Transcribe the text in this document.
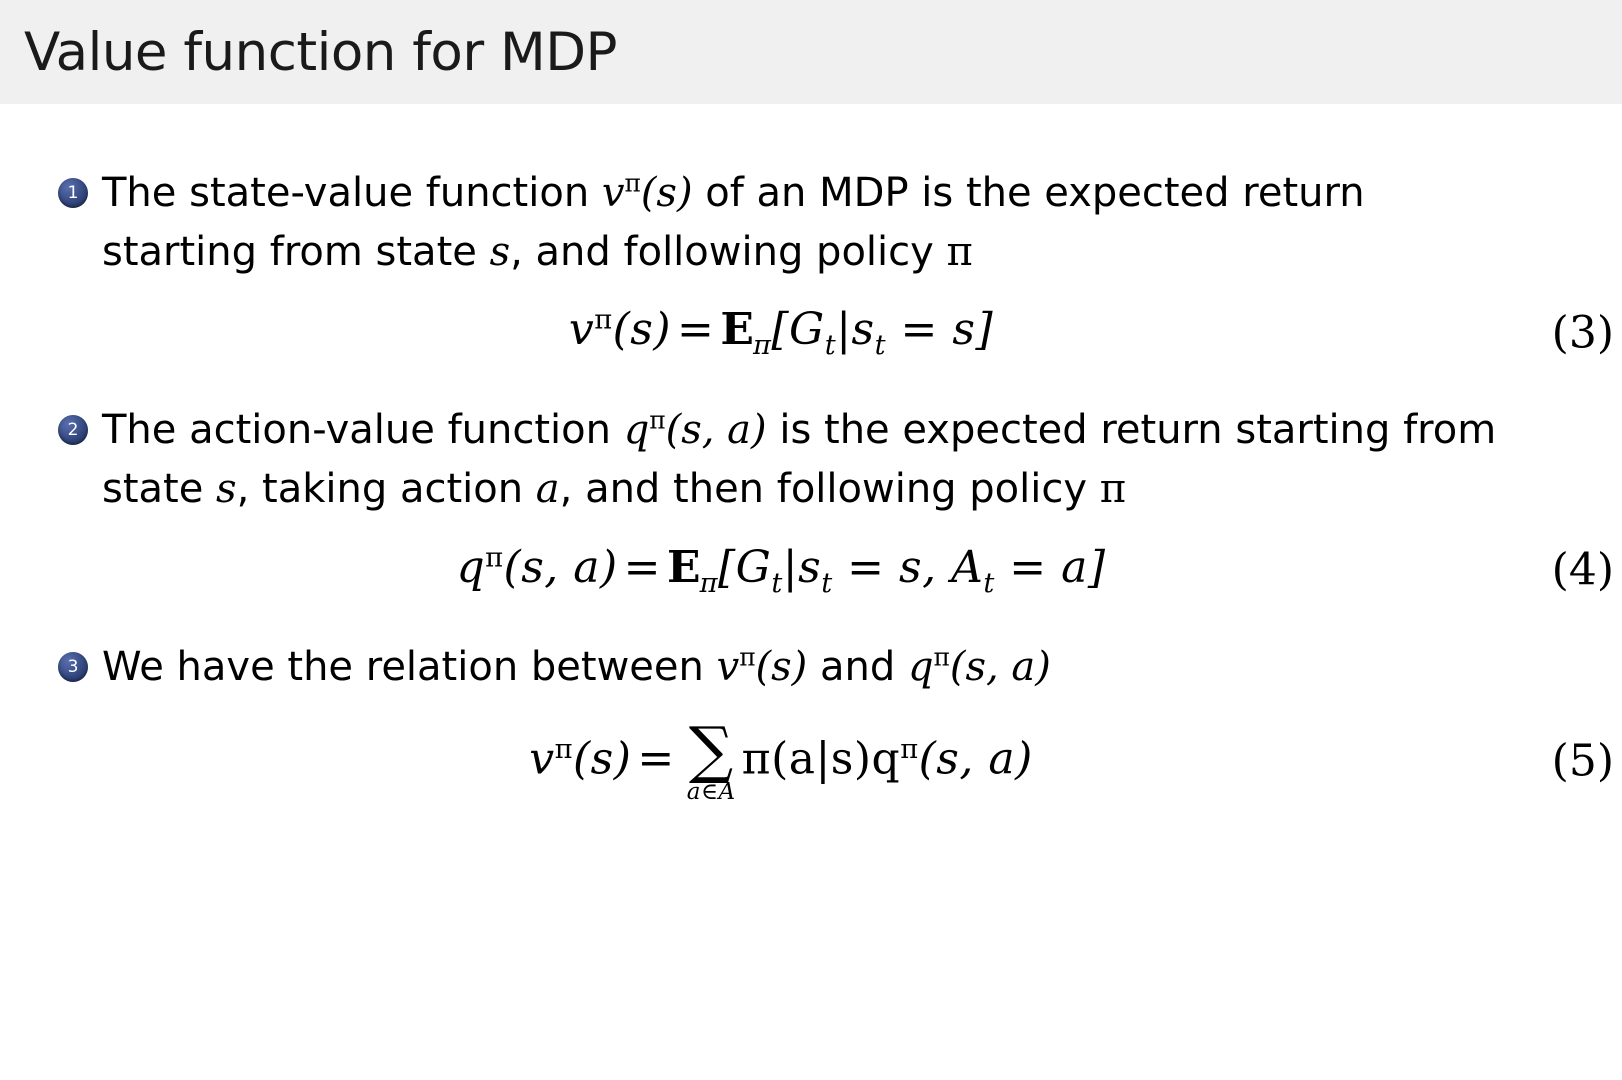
Value function for MDP
1 The state-value function $v^\pi(s)$ of an MDP is the expected return starting from state s, and following policy π
$v^\pi(s) = E_\pi[G_t|s_t = s]$	(3)
2 The action-value function $q^\pi(s$, a) is the expected return starting from state s, taking action a, and then following policy π
$q^\pi(s$, $a) = E_\pi[G_t|s_t = s$, $A_t = a$]	(4)
3 We have the relation between $v^\pi(s)$ and $q^\pi(s$, a)
$v^\pi(s)$ = ∑
a∈A
$\pi(a|s)q^\pi(s$, a)	(5)
